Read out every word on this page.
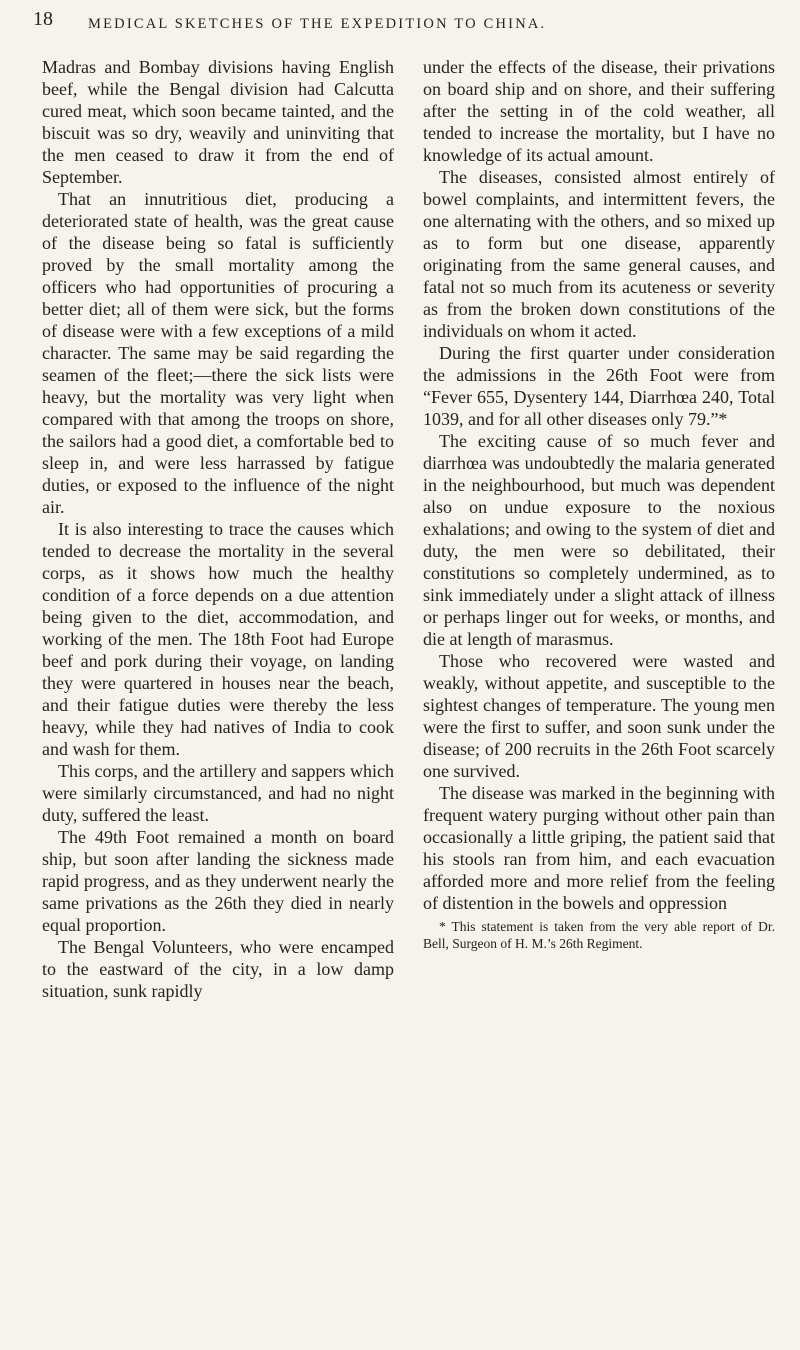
18 MEDICAL SKETCHES OF THE EXPEDITION TO CHINA.

Madras and Bombay divisions having English beef, while the Bengal division had Calcutta cured meat, which soon became tainted, and the biscuit was so dry, weavily and uninviting that the men ceased to draw it from the end of September.

That an innutritious diet, producing a deteriorated state of health, was the great cause of the disease being so fatal is sufficiently proved by the small mortality among the officers who had opportunities of procuring a better diet; all of them were sick, but the forms of disease were with a few exceptions of a mild character. The same may be said regarding the seamen of the fleet;—there the sick lists were heavy, but the mortality was very light when compared with that among the troops on shore, the sailors had a good diet, a comfortable bed to sleep in, and were less harrassed by fatigue duties, or exposed to the influence of the night air.

It is also interesting to trace the causes which tended to decrease the mortality in the several corps, as it shows how much the healthy condition of a force depends on a due attention being given to the diet, accommodation, and working of the men. The 18th Foot had Europe beef and pork during their voyage, on landing they were quartered in houses near the beach, and their fatigue duties were thereby the less heavy, while they had natives of India to cook and wash for them.

This corps, and the artillery and sappers which were similarly circumstanced, and had no night duty, suffered the least.

The 49th Foot remained a month on board ship, but soon after landing the sickness made rapid progress, and as they underwent nearly the same privations as the 26th they died in nearly equal proportion.

The Bengal Volunteers, who were encamped to the eastward of the city, in a low damp situation, sunk rapidly

under the effects of the disease, their privations on board ship and on shore, and their suffering after the setting in of the cold weather, all tended to increase the mortality, but I have no knowledge of its actual amount.

The diseases, consisted almost entirely of bowel complaints, and intermittent fevers, the one alternating with the others, and so mixed up as to form but one disease, apparently originating from the same general causes, and fatal not so much from its acuteness or severity as from the broken down constitutions of the individuals on whom it acted.

During the first quarter under consideration the admissions in the 26th Foot were from “Fever 655, Dysentery 144, Diarrhœa 240, Total 1039, and for all other diseases only 79.”*

The exciting cause of so much fever and diarrhœa was undoubtedly the malaria generated in the neighbourhood, but much was dependent also on undue exposure to the noxious exhalations; and owing to the system of diet and duty, the men were so debilitated, their constitutions so completely undermined, as to sink immediately under a slight attack of illness or perhaps linger out for weeks, or months, and die at length of marasmus.

Those who recovered were wasted and weakly, without appetite, and susceptible to the sightest changes of temperature. The young men were the first to suffer, and soon sunk under the disease; of 200 recruits in the 26th Foot scarcely one survived.

The disease was marked in the beginning with frequent watery purging without other pain than occasionally a little griping, the patient said that his stools ran from him, and each evacuation afforded more and more relief from the feeling of distention in the bowels and oppression

* This statement is taken from the very able report of Dr. Bell, Surgeon of H. M.’s 26th Regiment.
